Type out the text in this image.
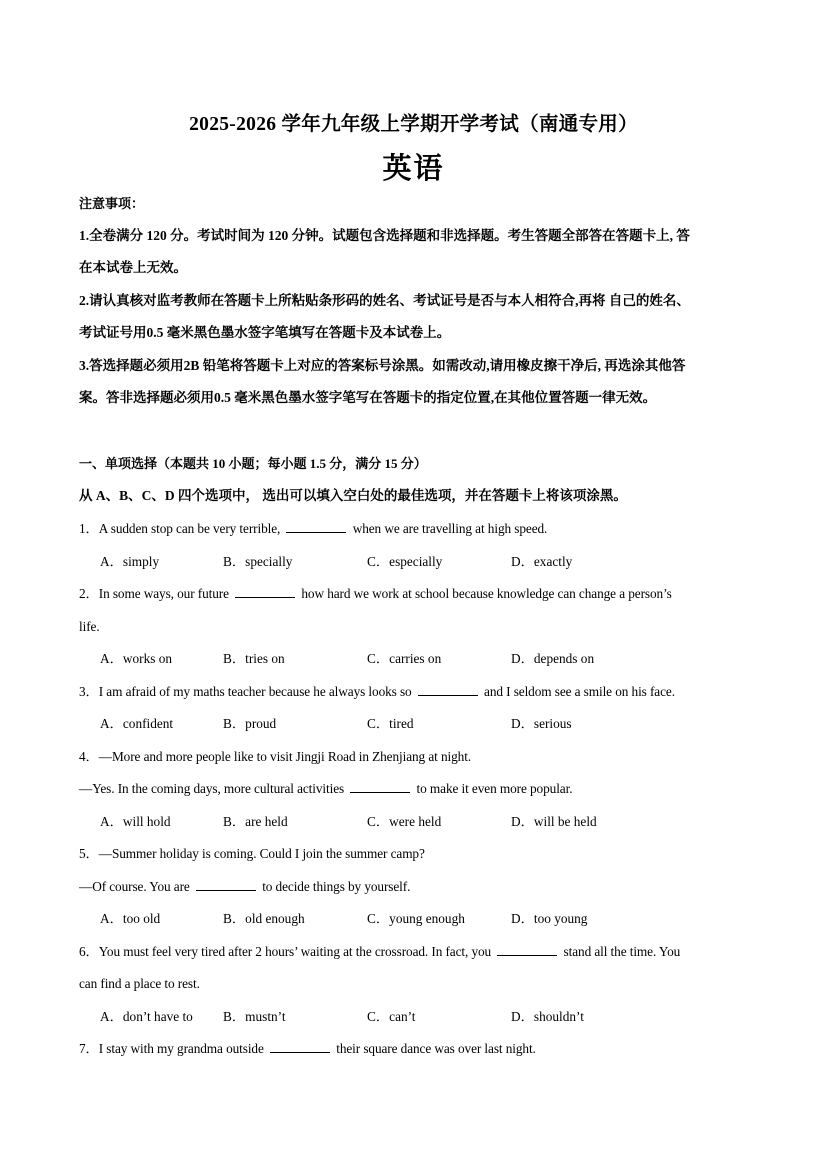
2025-2026 学年九年级上学期开学考试（南通专用）
英语
注意事项：
1.全卷满分 120 分。考试时间为 120 分钟。试题包含选择题和非选择题。考生答题全部答在答题卡上, 答
在本试卷上无效。
2.请认真核对监考教师在答题卡上所粘贴条形码的姓名、考试证号是否与本人相符合,再将 自己的姓名、
考试证号用0.5 毫米黑色墨水签字笔填写在答题卡及本试卷上。
3.答选择题必须用2B 铅笔将答题卡上对应的答案标号涂黑。如需改动,请用橡皮擦干净后, 再选涂其他答
案。答非选择题必须用0.5 毫米黑色墨水签字笔写在答题卡的指定位置,在其他位置答题一律无效。
一、单项选择（本题共 10 小题；每小题 1.5 分，满分 15 分）
从 A、B、C、D 四个选项中， 选出可以填入空白处的最佳选项，并在答题卡上将该项涂黑。
1．A sudden stop can be very terrible,	when we are travelling at high speed.
A．simply	B．specially	C．especially	D．exactly
2．In some ways, our future	how hard we work at school because knowledge can change a person’s
life.
A．works on	B．tries on	C．carries on	D．depends on
3．I am afraid of my maths teacher because he always looks so	and I seldom see a smile on his face.
A．confident	B．proud	C．tired	D．serious
4．—More and more people like to visit Jingji Road in Zhenjiang at night.
—Yes. In the coming days, more cultural activities	to make it even more popular.
A．will hold	B．are held	C．were held	D．will be held
5．—Summer holiday is coming. Could I join the summer camp?
—Of course. You are	to decide things by yourself.
A．too old	B．old enough	C．young enough	D．too young
6．You must feel very tired after 2 hours’ waiting at the crossroad. In fact, you	stand all the time. You
can find a place to rest.
A．don’t have to B．mustn’t	C．can’t	D．shouldn’t
7．I stay with my grandma outside	their square dance was over last night.
